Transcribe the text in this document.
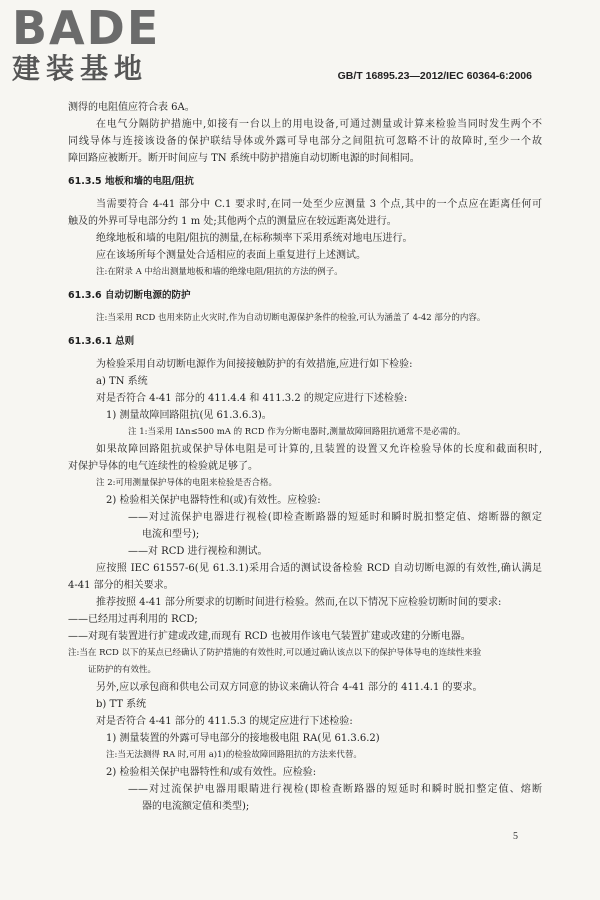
BADE
建装基地	GB/T 16895.23—2012/IEC 60364-6:2006
测得的电阻值应符合表 6A。
在电气分隔防护措施中,如接有一台以上的用电设备,可通过测量或计算来检验当同时发生两个不
同线导体与连接该设备的保护联结导体或外露可导电部分之间阻抗可忽略不计的故障时,至少一个故
障回路应被断开。断开时间应与 TN 系统中防护措施自动切断电源的时间相同。
61.3.5 地板和墙的电阻/阻抗
当需要符合 4-41 部分中 C.1 要求时,在同一处至少应测量 3 个点,其中的一个点应在距离任何可
触及的外界可导电部分约 1 m 处;其他两个点的测量应在较远距离处进行。
绝缘地板和墙的电阻/阻抗的测量,在标称频率下采用系统对地电压进行。
应在该场所每个测量处合适相应的表面上重复进行上述测试。
注:在附录 A 中给出测量地板和墙的绝缘电阻/阻抗的方法的例子。
61.3.6 自动切断电源的防护
注:当采用 RCD 也用来防止火灾时,作为自动切断电源保护条件的检验,可认为涵盖了 4-42 部分的内容。
61.3.6.1 总则
为检验采用自动切断电源作为间接接触防护的有效措施,应进行如下检验:
a) TN 系统
对是否符合 4-41 部分的 411.4.4 和 411.3.2 的规定应进行下述检验:
1) 测量故障回路阻抗(见 61.3.6.3)。
注 1:当采用 IΔn≤500 mA 的 RCD 作为分断电器时,测量故障回路阻抗通常不是必需的。
如果故障回路阻抗或保护导体电阻是可计算的,且装置的设置又允许检验导体的长度和截面积时,
对保护导体的电气连续性的检验就足够了。
注 2:可用测量保护导体的电阻来检验是否合格。
2) 检验相关保护电器特性和(或)有效性。应检验:
——对过流保护电器进行视检(即检查断路器的短延时和瞬时脱扣整定值、熔断器的额定
电流和型号);
——对 RCD 进行视检和测试。
应按照 IEC 61557-6(见 61.3.1)采用合适的测试设备检验 RCD 自动切断电源的有效性,确认满足
4-41 部分的相关要求。
推荐按照 4-41 部分所要求的切断时间进行检验。然而,在以下情况下应检验切断时间的要求:
——已经用过再利用的 RCD;
——对现有装置进行扩建或改建,而现有 RCD 也被用作该电气装置扩建或改建的分断电器。
注:当在 RCD 以下的某点已经确认了防护措施的有效性时,可以通过确认该点以下的保护导体导电的连续性来验
证防护的有效性。
另外,应以承包商和供电公司双方同意的协议来确认符合 4-41 部分的 411.4.1 的要求。
b) TT 系统
对是否符合 4-41 部分的 411.5.3 的规定应进行下述检验:
1) 测量装置的外露可导电部分的接地极电阻 RA(见 61.3.6.2)
注:当无法测得 RA 时,可用 a)1)的检验故障回路阻抗的方法来代替。
2) 检验相关保护电器特性和/或有效性。应检验:
——对过流保护电器用眼睛进行视检(即检查断路器的短延时和瞬时脱扣整定值、熔断
器的电流额定值和类型);
5
